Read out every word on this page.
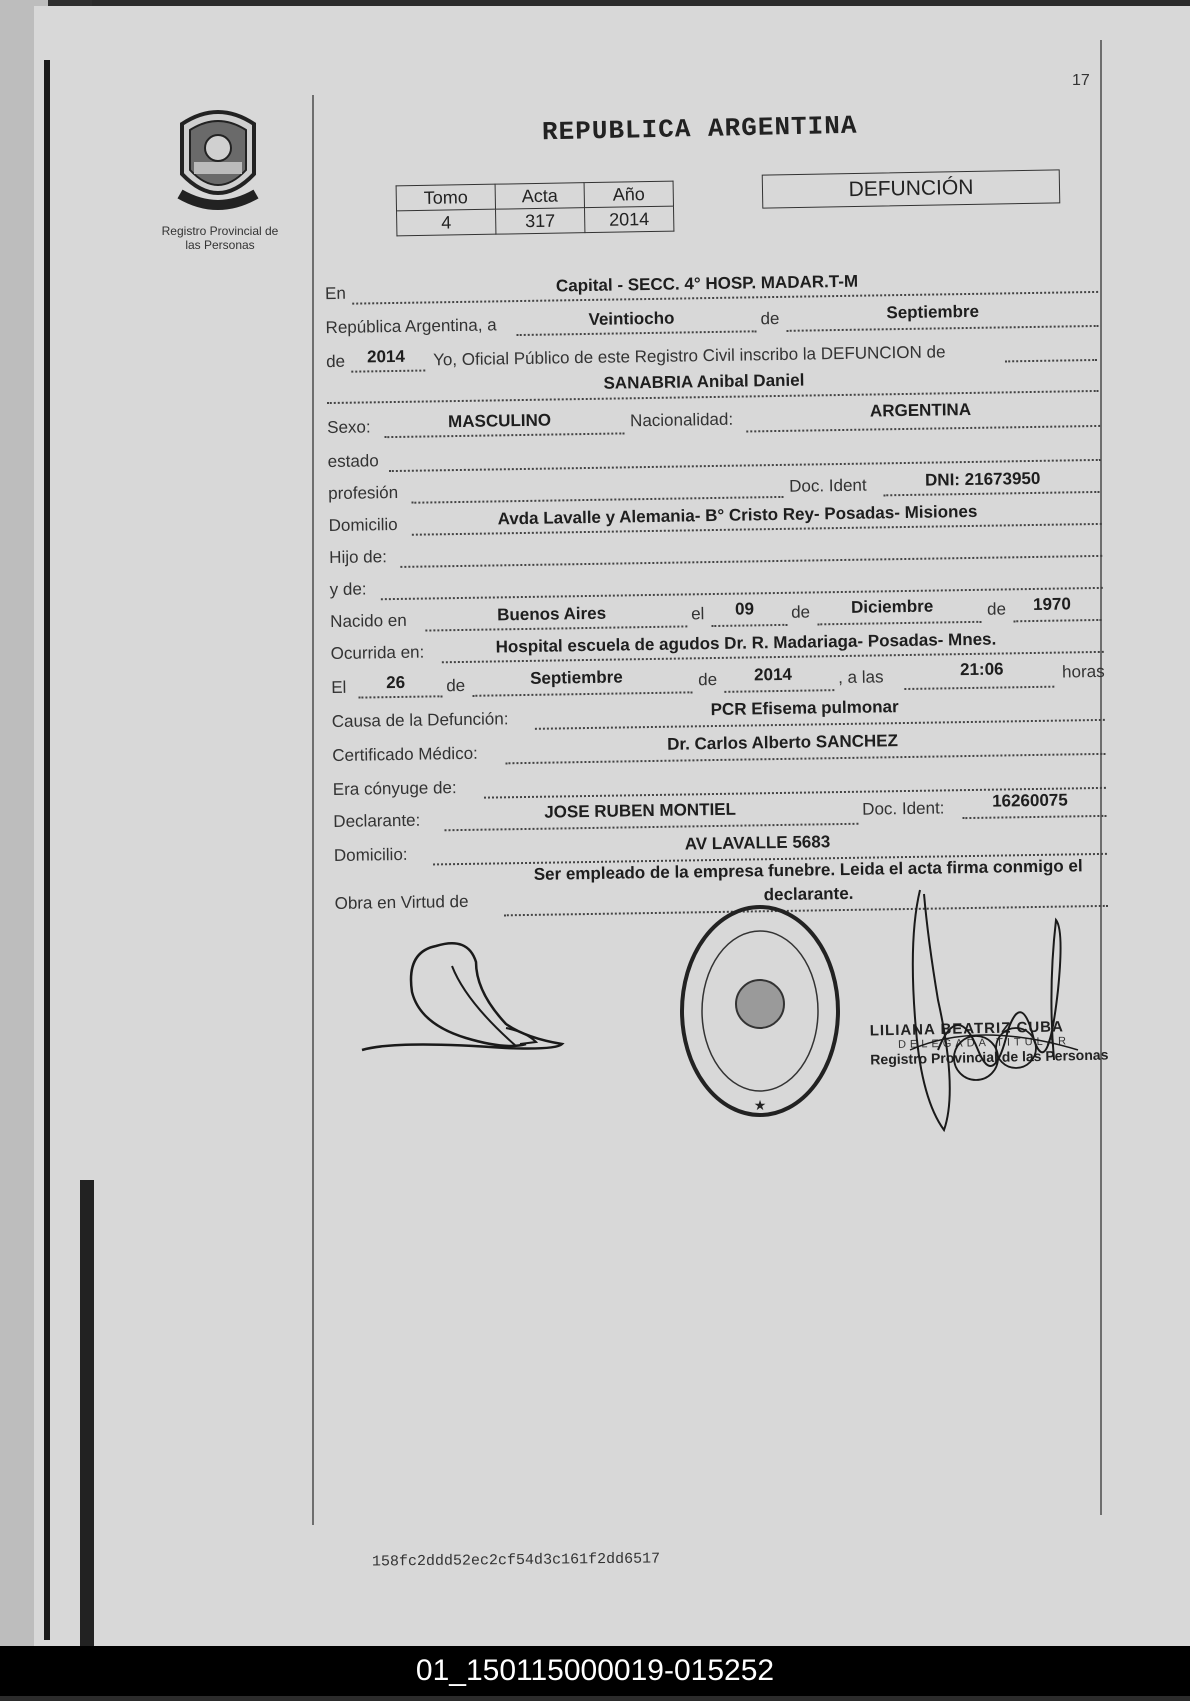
17
Registro Provincial de
las Personas
REPUBLICA ARGENTINA
Tomo	Acta	Año
4	317	2014
DEFUNCIÓN
En	Capital - SECC. 4° HOSP. MADAR.T-M
República Argentina, a	Veintiocho	de	Septiembre
de 2014 Yo, Oficial Público de este Registro Civil inscribo la DEFUNCION de
SANABRIA Anibal Daniel
Sexo:	MASCULINO	Nacionalidad:	ARGENTINA
estado
profesión	Doc. Ident	DNI: 21673950
Domicilio	Avda Lavalle y Alemania- B° Cristo Rey- Posadas- Misiones
Hijo de:
y de:
Nacido en	Buenos Aires	el 09 de Diciembre	de 1970
Ocurrida en:	Hospital escuela de agudos Dr. R. Madariaga- Posadas- Mnes.
El 26 de	Septiembre	de 2014	, a las	21:06	horas
Causa de la Defunción:
PCR Efisema pulmonar
Certificado Médico:
Dr. Carlos Alberto SANCHEZ
Era cónyuge de:
Declarante:	JOSE RUBEN MONTIEL	Doc. Ident:	16260075
Domicilio:
AV LAVALLE 5683
Obra en Virtud de
Ser empleado de la empresa funebre. Leida el acta firma conmigo el declarante.
★
LILIANA BEATRIZ CUBA
DELEGADA TITULAR
Registro Provincial de las Personas
158fc2ddd52ec2cf54d3c161f2dd6517
01_150115000019-015252
